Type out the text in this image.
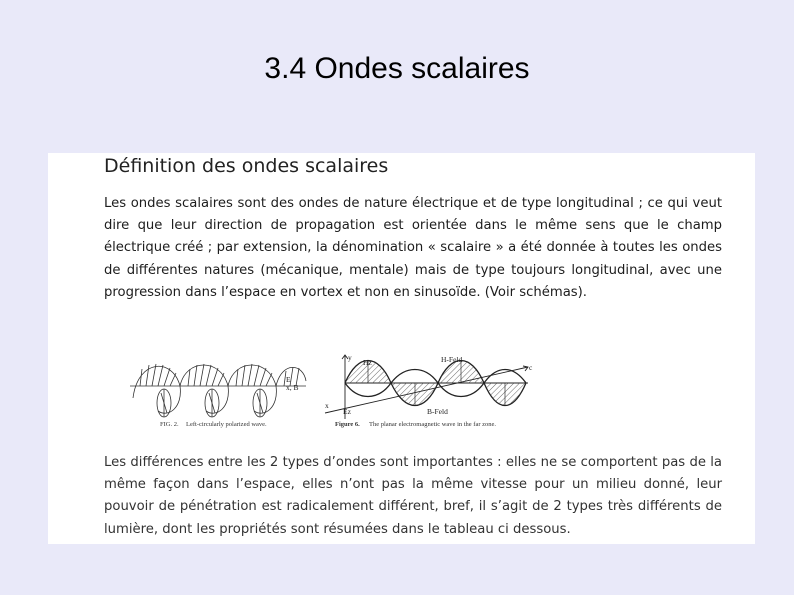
3.4 Ondes scalaires
Définition des ondes scalaires

Les ondes scalaires sont des ondes de nature électrique et de type longitudinal ; ce qui veut dire que leur direction de propagation est orientée dans le même sens que le champ électrique créé ; par extension, la dénomination « scalaire » a été donnée à toutes les ondes de différentes natures (mécanique, mentale) mais de type toujours longitudinal, avec une progression dans l’espace en vortex et non en sinusoïde. (Voir schémas).

E
x, B
FIG. 2. Left-circularly polarized wave.
y
Hz	H-Feld
c
x
Ez	B-Feld
Figure 6. The planar electromagnetic wave in the far zone.

Les différences entre les 2 types d’ondes sont importantes : elles ne se comportent pas de la même façon dans l’espace, elles n’ont pas la même vitesse pour un milieu donné, leur pouvoir de pénétration est radicalement différent, bref, il s’agit de 2 types très différents de lumière, dont les propriétés sont résumées dans le tableau ci dessous.
